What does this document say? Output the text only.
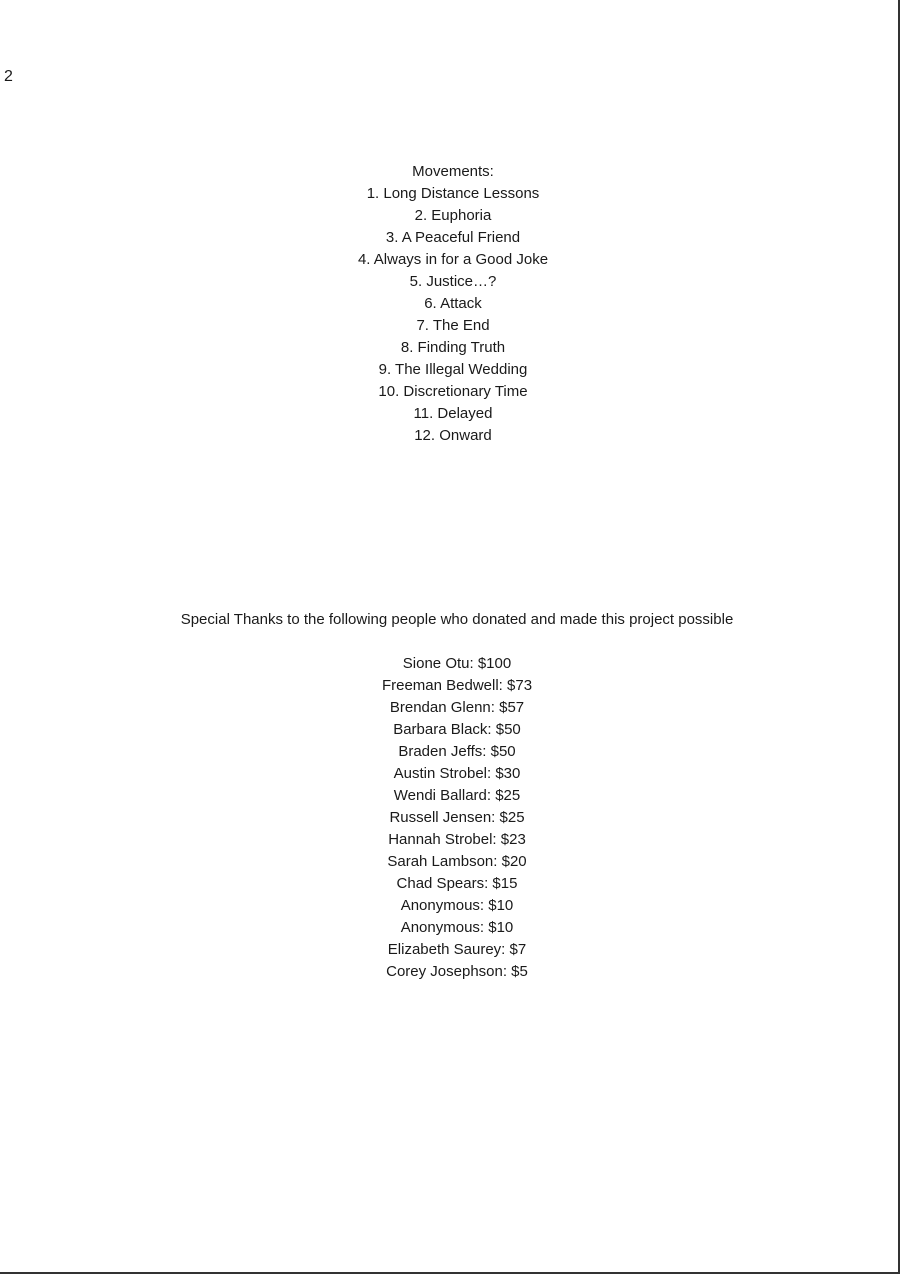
2
Movements:
1. Long Distance Lessons
2. Euphoria
3. A Peaceful Friend
4. Always in for a Good Joke
5. Justice…?
6. Attack
7. The End
8. Finding Truth
9. The Illegal Wedding
10. Discretionary Time
11. Delayed
12. Onward
Special Thanks to the following people who donated and made this project possible
Sione Otu: $100
Freeman Bedwell: $73
Brendan Glenn: $57
Barbara Black: $50
Braden Jeffs: $50
Austin Strobel: $30
Wendi Ballard: $25
Russell Jensen: $25
Hannah Strobel: $23
Sarah Lambson: $20
Chad Spears: $15
Anonymous: $10
Anonymous: $10
Elizabeth Saurey: $7
Corey Josephson: $5
